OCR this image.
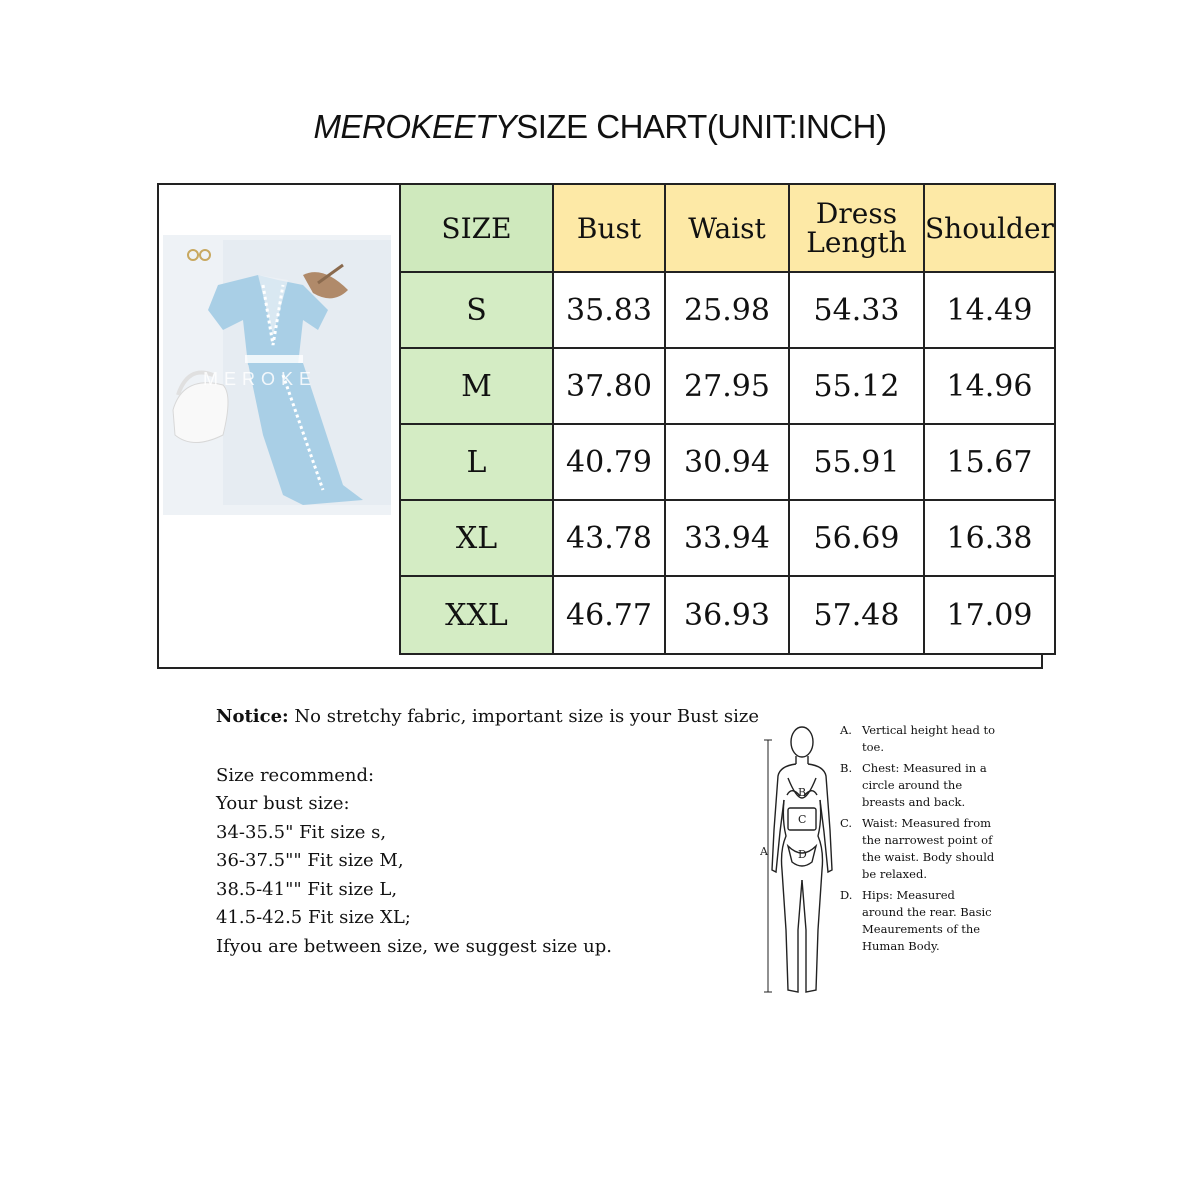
MEROKEETYSIZE CHART(UNIT:INCH)
MEROKE
SIZE	Bust	Waist	Dress Length	Shoulder
S	35.83	25.98	54.33	14.49
M	37.80	27.95	55.12	14.96
L	40.79	30.94	55.91	15.67
XL	43.78	33.94	56.69	16.38
XXL	46.77	36.93	57.48	17.09
Notice: No stretchy fabric, important size is your Bust size
Size recommend:
Your bust size:
34-35.5" Fit size s,
36-37.5"" Fit size M,
38.5-41"" Fit size L,
41.5-42.5 Fit size XL;
Ifyou are between size, we suggest size up.
A
B
C
D
A. Vertical height head to toe.
B. Chest: Measured in a circle around the breasts and back.
C. Waist: Measured from the narrowest point of the waist. Body should be relaxed.
D. Hips: Measured around the rear. Basic Meaurements of the Human Body.
